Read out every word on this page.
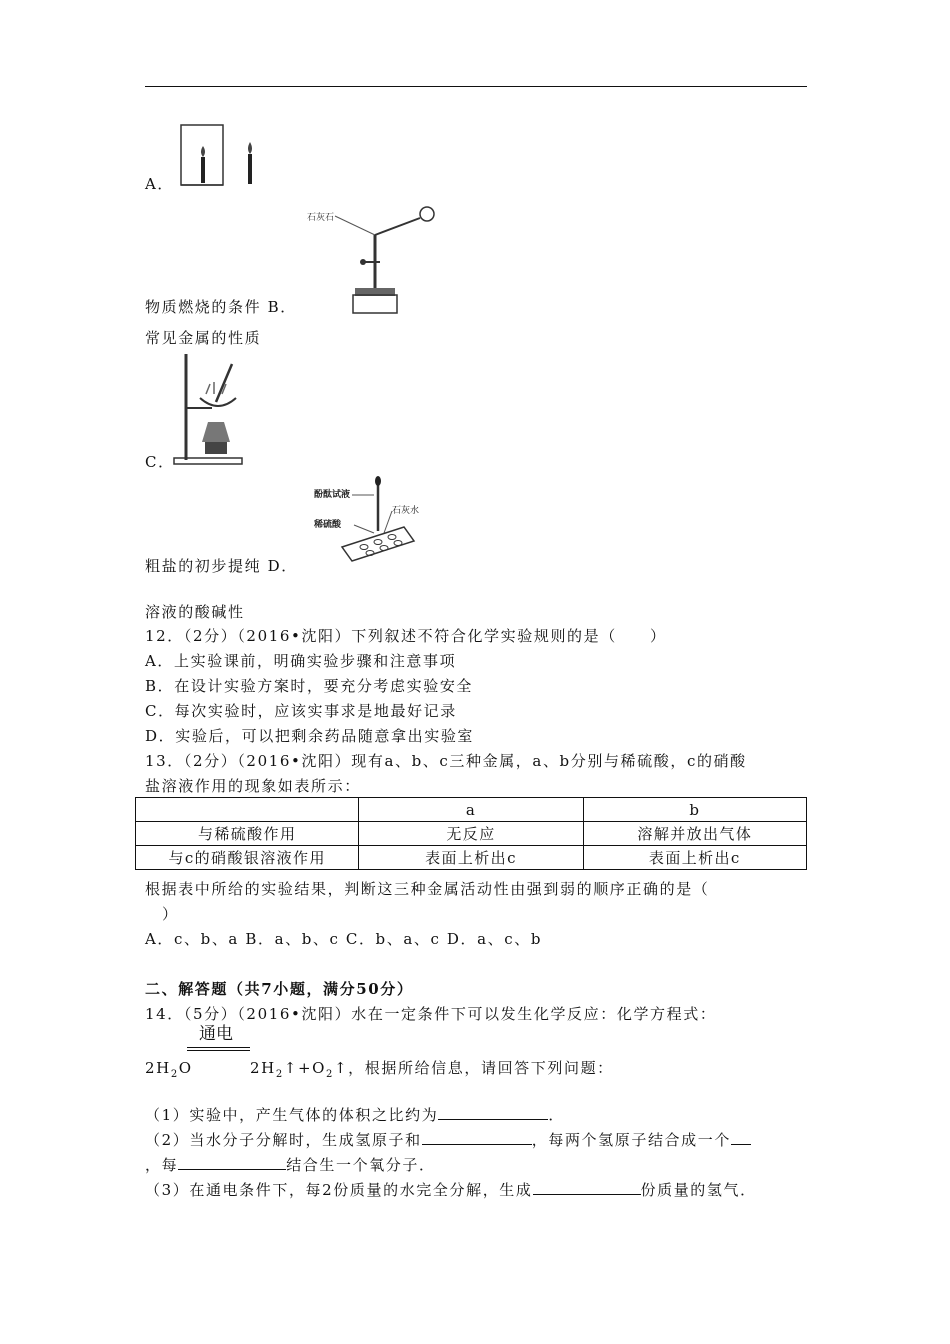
A．
石灰石
物质燃烧的条件 B．
常见金属的性质
C．
酚酞试液
稀硫酸
石灰水
粗盐的初步提纯 D．
溶液的酸碱性
12．（2分）（2016•沈阳）下列叙述不符合化学实验规则的是（　　）
A．上实验课前，明确实验步骤和注意事项
B．在设计实验方案时，要充分考虑实验安全
C．每次实验时，应该实事求是地最好记录
D．实验后，可以把剩余药品随意拿出实验室
13．（2分）（2016•沈阳）现有a、b、c三种金属，a、b分别与稀硫酸，c的硝酸
盐溶液作用的现象如表所示：
	a	b
与稀硫酸作用	无反应	溶解并放出气体
与c的硝酸银溶液作用	表面上析出c	表面上析出c
根据表中所给的实验结果，判断这三种金属活动性由强到弱的顺序正确的是（
）
A．c、b、a B．a、b、c C．b、a、c D．a、c、b
二、解答题（共7小题，满分50分）
14．（5分）（2016•沈阳）水在一定条件下可以发生化学反应：化学方程式：
通电
$2H_2O$	$2H_2↑+O_2↑$，根据所给信息，请回答下列问题：
（1）实验中，产生气体的体积之比约为	．
（2）当水分子分解时，生成氢原子和	，每两个氢原子结合成一个
，每	结合生一个氧分子．
（3）在通电条件下，每2份质量的水完全分解，生成	份质量的氢气．
